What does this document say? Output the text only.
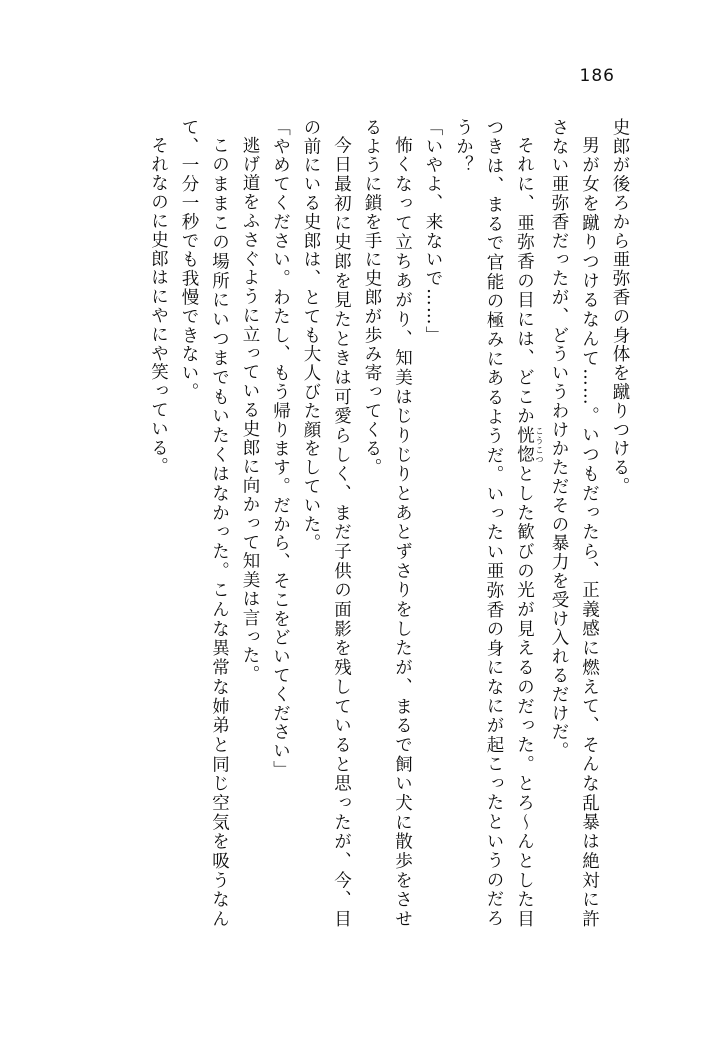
186

史郎が後ろから亜弥香の身体を蹴りつける。

男が女を蹴りつけるなんて……。いつもだったら、正義感に燃えて、そんな乱暴は絶対に許さない亜弥香だったが、どういうわけかただその暴力を受け入れるだけだ。

それに、亜弥香の目には、どこか恍惚 こうこつとした歓びの光が見えるのだった。とろ～んとした目つきは、まるで官能の極みにあるようだ。いったい亜弥香の身になにが起こったというのだろうか？

「いやよ、来ないで……」

怖くなって立ちあがり、知美はじりじりとあとずさりをしたが、まるで飼い犬に散歩をさせるように鎖を手に史郎が歩み寄ってくる。

今日最初に史郎を見たときは可愛らしく、まだ子供の面影を残していると思ったが、今、目の前にいる史郎は、とても大人びた顔をしていた。

「やめてください。わたし、もう帰ります。だから、そこをどいてください」

逃げ道をふさぐように立っている史郎に向かって知美は言った。

このままこの場所にいつまでもいたくはなかった。こんな異常な姉弟と同じ空気を吸うなんて、一分一秒でも我慢できない。

それなのに史郎はにやにや笑っている。
